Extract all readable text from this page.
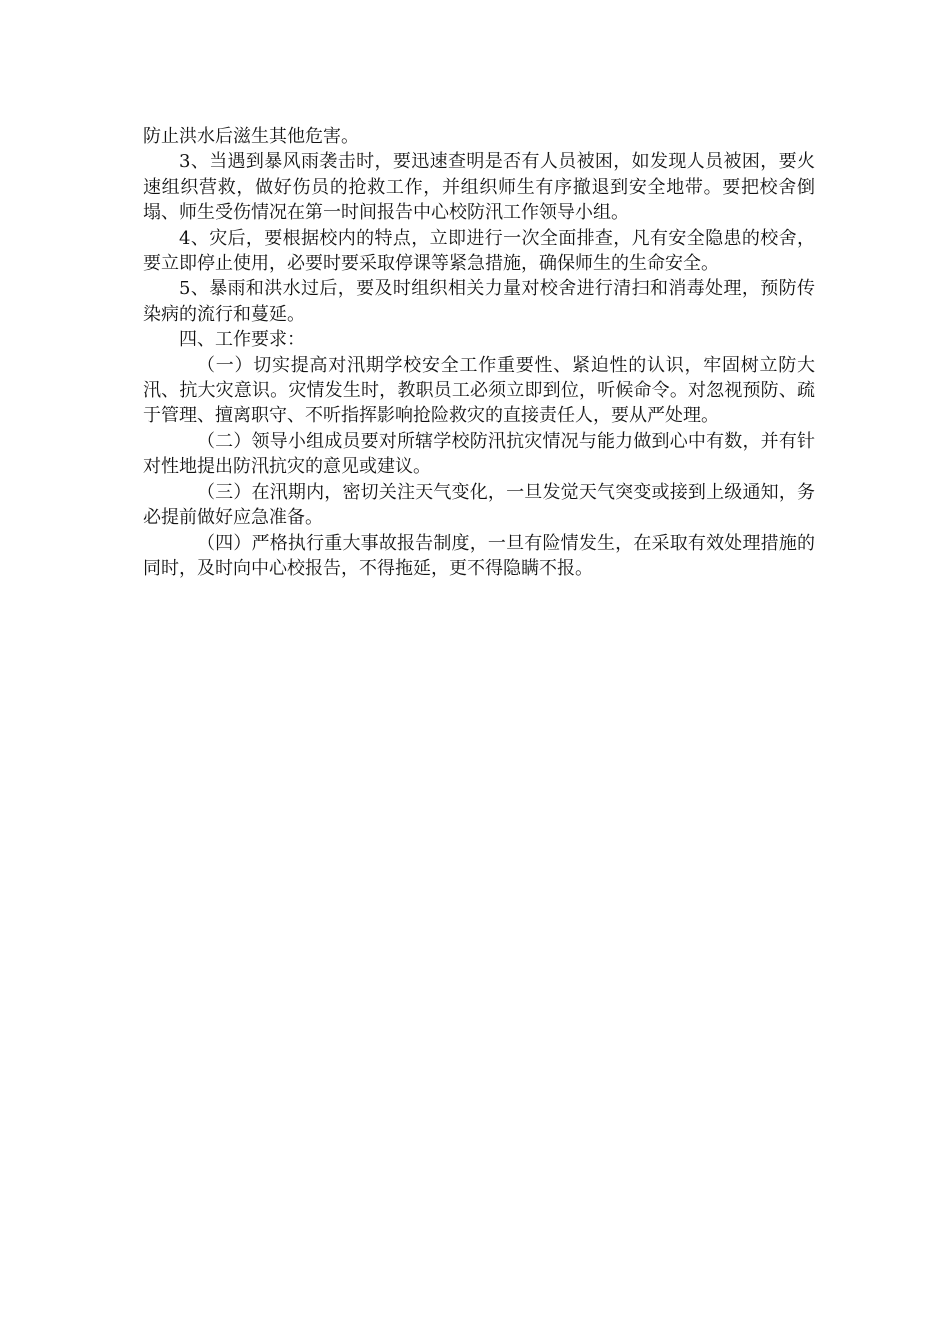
防止洪水后滋生其他危害。

3、当遇到暴风雨袭击时，要迅速查明是否有人员被困，如发现人员被困，要火速组织营救，做好伤员的抢救工作，并组织师生有序撤退到安全地带。要把校舍倒塌、师生受伤情况在第一时间报告中心校防汛工作领导小组。

4、灾后，要根据校内的特点，立即进行一次全面排查，凡有安全隐患的校舍，要立即停止使用，必要时要采取停课等紧急措施，确保师生的生命安全。

5、暴雨和洪水过后，要及时组织相关力量对校舍进行清扫和消毒处理，预防传染病的流行和蔓延。

四、工作要求：

（一）切实提高对汛期学校安全工作重要性、紧迫性的认识，牢固树立防大汛、抗大灾意识。灾情发生时，教职员工必须立即到位，听候命令。对忽视预防、疏于管理、擅离职守、不听指挥影响抢险救灾的直接责任人，要从严处理。

（二）领导小组成员要对所辖学校防汛抗灾情况与能力做到心中有数，并有针对性地提出防汛抗灾的意见或建议。

（三）在汛期内，密切关注天气变化，一旦发觉天气突变或接到上级通知，务必提前做好应急准备。

（四）严格执行重大事故报告制度，一旦有险情发生，在采取有效处理措施的同时，及时向中心校报告，不得拖延，更不得隐瞒不报。
